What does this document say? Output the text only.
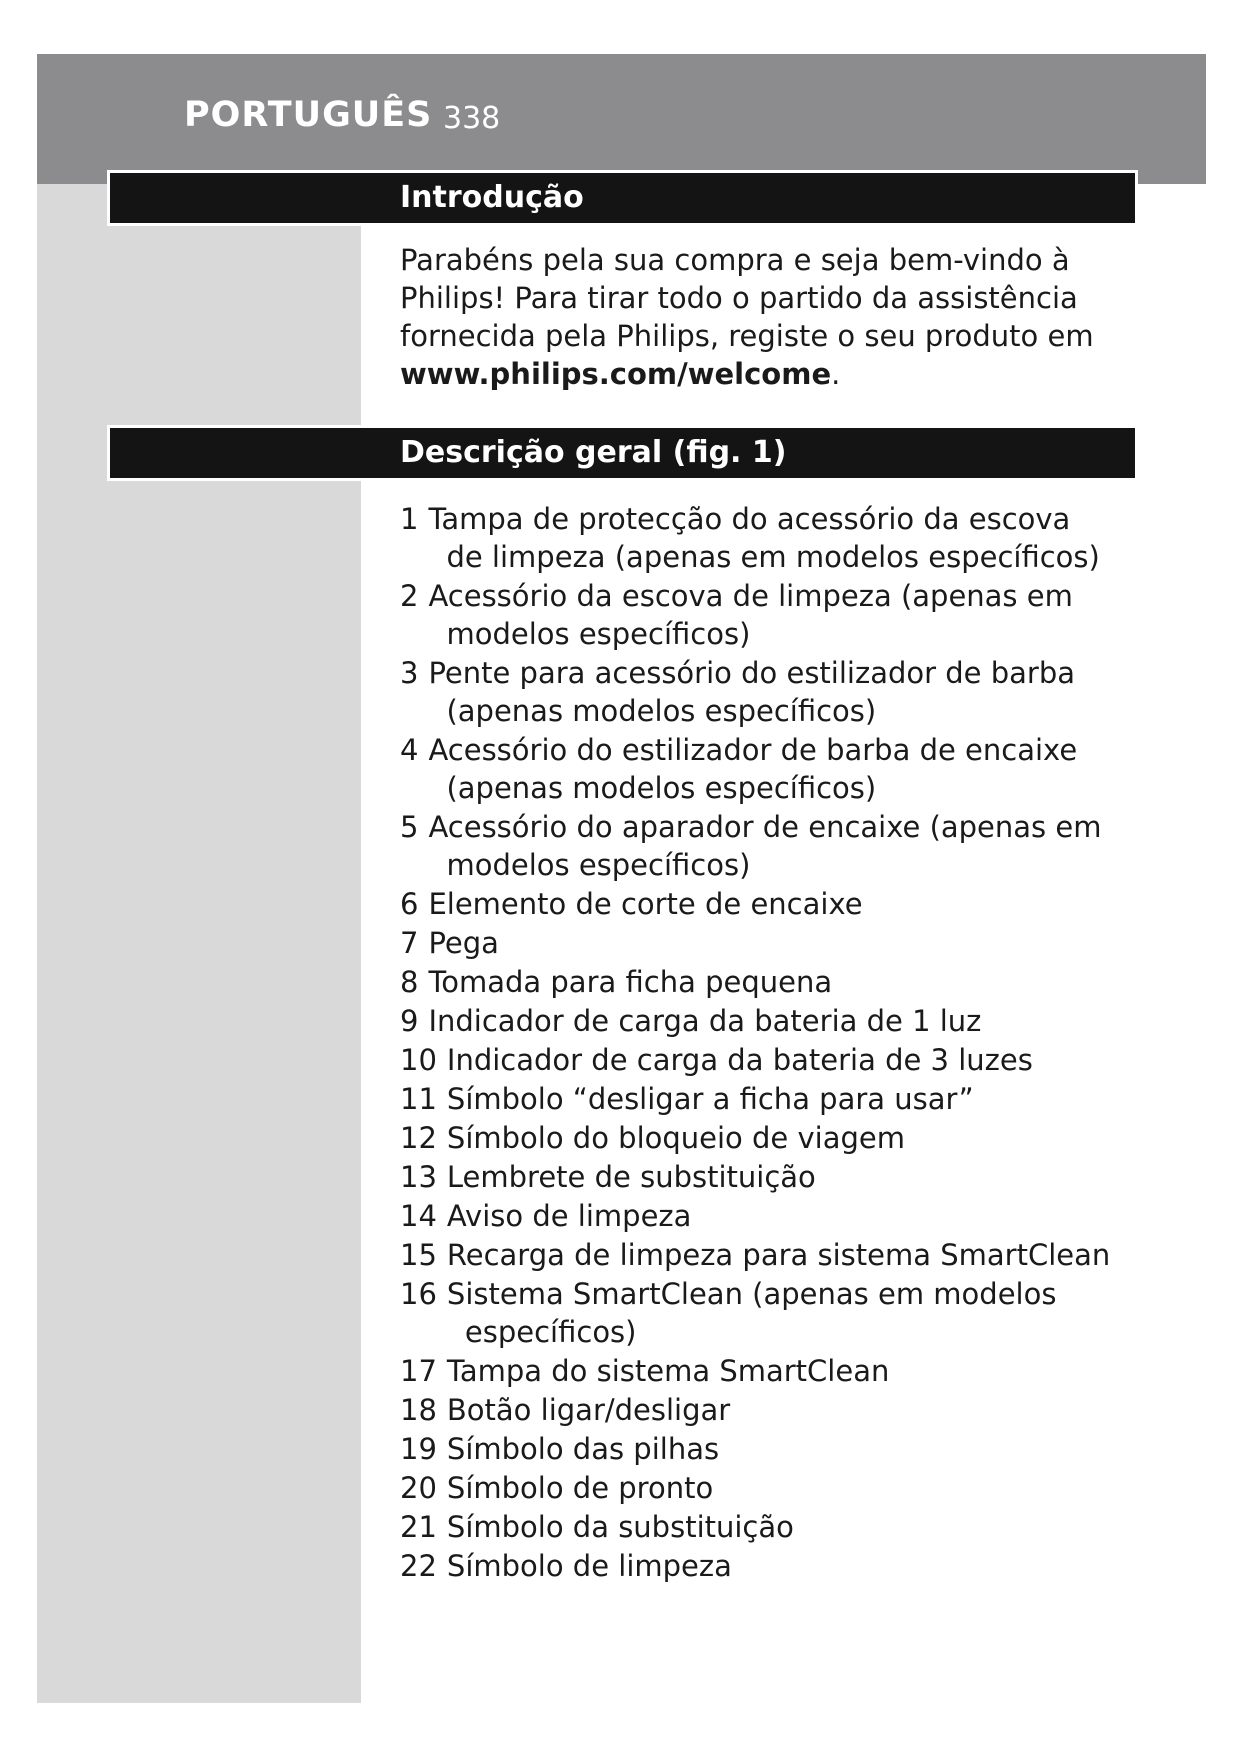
PORTUGUÊS 338
Introdução
Parabéns pela sua compra e seja bem-vindo à
Philips! Para tirar todo o partido da assistência
fornecida pela Philips, registe o seu produto em
www.philips.com/welcome.
Descrição geral (fig. 1)
1 Tampa de protecção do acessório da escova
de limpeza (apenas em modelos específicos)
2 Acessório da escova de limpeza (apenas em
modelos específicos)
3 Pente para acessório do estilizador de barba
(apenas modelos específicos)
4 Acessório do estilizador de barba de encaixe
(apenas modelos específicos)
5 Acessório do aparador de encaixe (apenas em
modelos específicos)
6 Elemento de corte de encaixe
7 Pega
8 Tomada para ficha pequena
9 Indicador de carga da bateria de 1 luz
10 Indicador de carga da bateria de 3 luzes
11 Símbolo “desligar a ficha para usar”
12 Símbolo do bloqueio de viagem
13 Lembrete de substituição
14 Aviso de limpeza
15 Recarga de limpeza para sistema SmartClean
16 Sistema SmartClean (apenas em modelos
específicos)
17 Tampa do sistema SmartClean
18 Botão ligar/desligar
19 Símbolo das pilhas
20 Símbolo de pronto
21 Símbolo da substituição
22 Símbolo de limpeza
